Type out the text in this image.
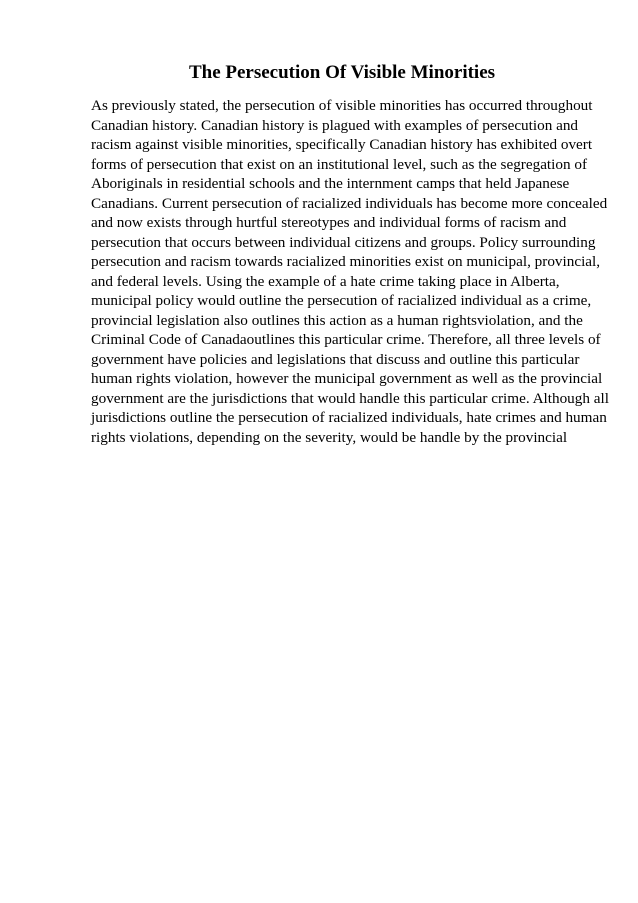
The Persecution Of Visible Minorities
As previously stated, the persecution of visible minorities has occurred throughout
Canadian history. Canadian history is plagued with examples of persecution and
racism against visible minorities, specifically Canadian history has exhibited overt
forms of persecution that exist on an institutional level, such as the segregation of
Aboriginals in residential schools and the internment camps that held Japanese
Canadians. Current persecution of racialized individuals has become more concealed
and now exists through hurtful stereotypes and individual forms of racism and
persecution that occurs between individual citizens and groups. Policy surrounding
persecution and racism towards racialized minorities exist on municipal, provincial,
and federal levels. Using the example of a hate crime taking place in Alberta,
municipal policy would outline the persecution of racialized individual as a crime,
provincial legislation also outlines this action as a human rightsviolation, and the
Criminal Code of Canadaoutlines this particular crime. Therefore, all three levels of
government have policies and legislations that discuss and outline this particular
human rights violation, however the municipal government as well as the provincial
government are the jurisdictions that would handle this particular crime. Although all
jurisdictions outline the persecution of racialized individuals, hate crimes and human
rights violations, depending on the severity, would be handle by the provincial
